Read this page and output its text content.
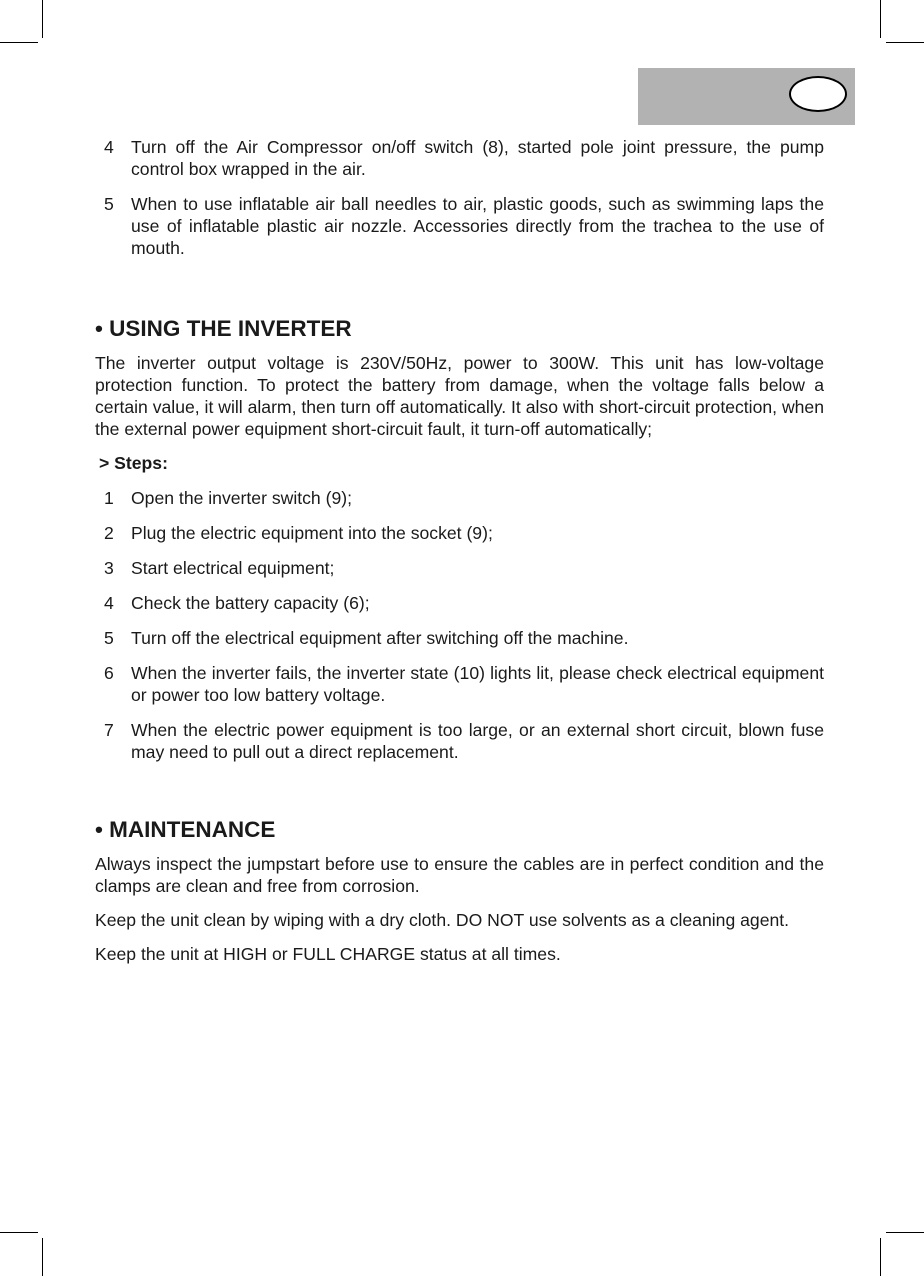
4 Turn off the Air Compressor on/off switch (8), started pole joint pressure, the pump control box wrapped in the air.
5 When to use inflatable air ball needles to air, plastic goods, such as swimming laps the use of inflatable plastic air nozzle. Accessories directly from the trachea to the use of mouth.
• USING THE INVERTER
The inverter output voltage is 230V/50Hz, power to 300W. This unit has low-voltage protection function. To protect the battery from damage, when the voltage falls below a certain value, it will alarm, then turn off automatically. It also with short-circuit protection, when the external power equipment short-circuit fault, it turn-off automatically;
> Steps:
1 Open the inverter switch (9);
2 Plug the electric equipment into the socket (9);
3 Start electrical equipment;
4 Check the battery capacity (6);
5 Turn off the electrical equipment after switching off the machine.
6 When the inverter fails, the inverter state (10) lights lit, please check electrical equipment or power too low battery voltage.
7 When the electric power equipment is too large, or an external short circuit, blown fuse may need to pull out a direct replacement.
• MAINTENANCE
Always inspect the jumpstart before use to ensure the cables are in perfect condition and the clamps are clean and free from corrosion.
Keep the unit clean by wiping with a dry cloth. DO NOT use solvents as a cleaning agent.
Keep the unit at HIGH or FULL CHARGE status at all times.
